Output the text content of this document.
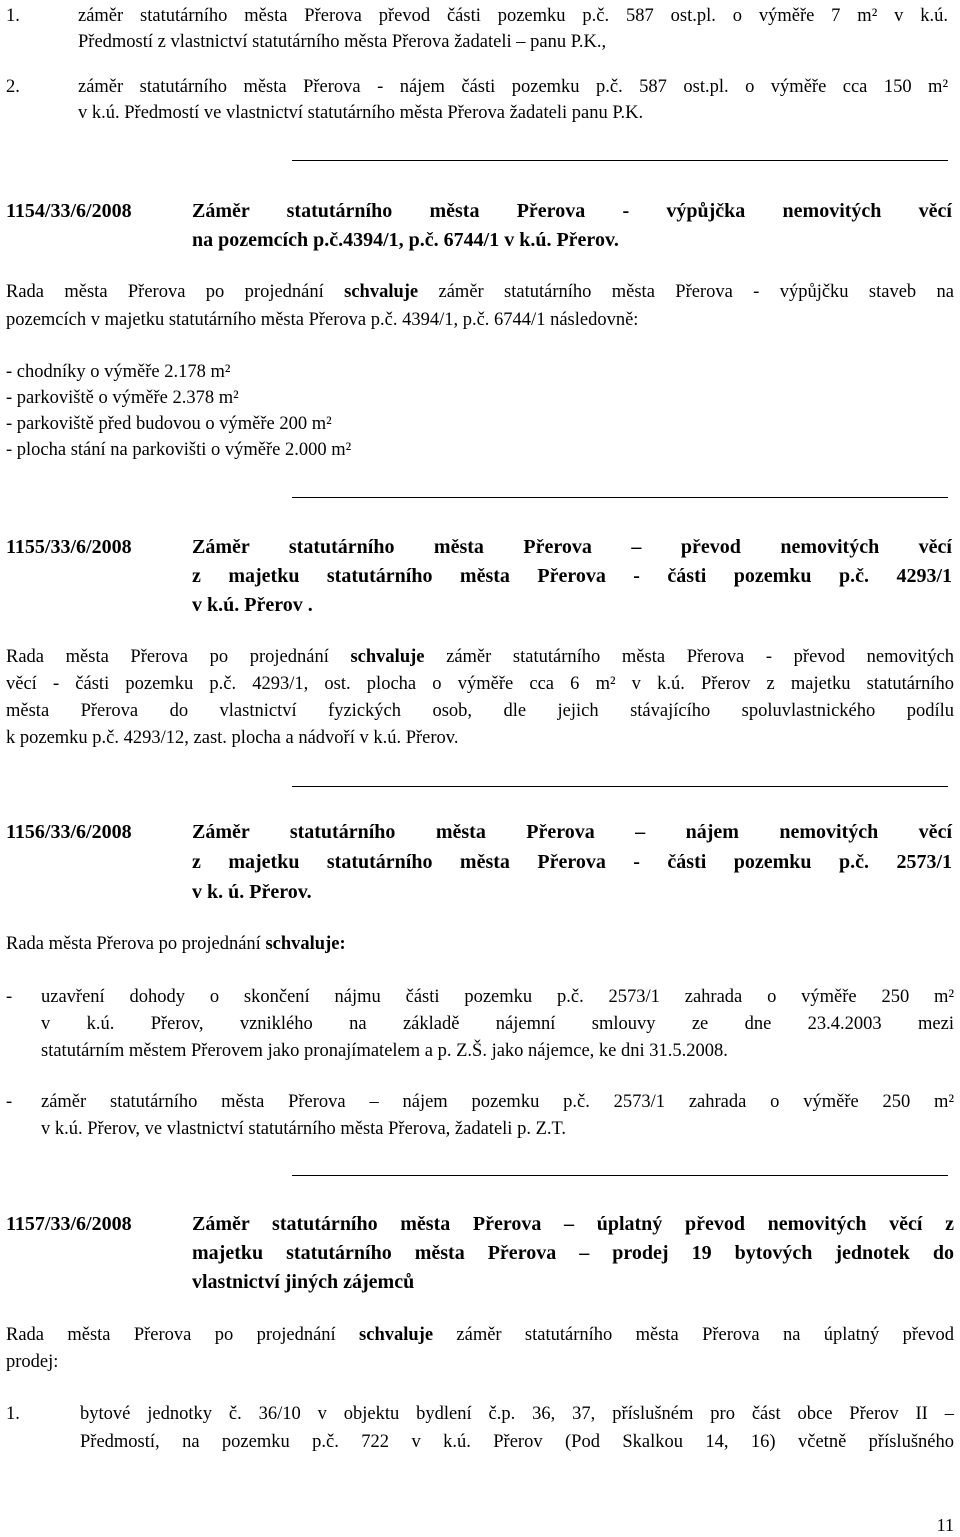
1.	záměr statutárního města Přerova převod části pozemku p.č. 587 ost.pl. o výměře 7 m² v k.ú.
Předmostí z vlastnictví statutárního města Přerova žadateli – panu P.K.,
2.	záměr statutárního města Přerova - nájem části pozemku p.č. 587 ost.pl. o výměře cca 150 m²
v k.ú. Předmostí ve vlastnictví statutárního města Přerova žadateli panu P.K.
1154/33/6/2008	Záměr statutárního města Přerova - výpůjčka nemovitých věcí
na pozemcích p.č.4394/1, p.č. 6744/1 v k.ú. Přerov.
Rada města Přerova po projednání schvaluje záměr statutárního města Přerova - výpůjčku staveb na
pozemcích v majetku statutárního města Přerova p.č. 4394/1, p.č. 6744/1 následovně:
- chodníky o výměře 2.178 m²
- parkoviště o výměře 2.378 m²
- parkoviště před budovou o výměře 200 m²
- plocha stání na parkovišti o výměře 2.000 m²
1155/33/6/2008	Záměr statutárního města Přerova – převod nemovitých věcí
z majetku statutárního města Přerova - části pozemku p.č. 4293/1
v k.ú. Přerov .
Rada města Přerova po projednání schvaluje záměr statutárního města Přerova - převod nemovitých
věcí - části pozemku p.č. 4293/1, ost. plocha o výměře cca 6 m² v k.ú. Přerov z majetku statutárního
města Přerova do vlastnictví fyzických osob, dle jejich stávajícího spoluvlastnického podílu
k pozemku p.č. 4293/12, zast. plocha a nádvoří v k.ú. Přerov.
1156/33/6/2008	Záměr statutárního města Přerova – nájem nemovitých věcí
z majetku statutárního města Přerova - části pozemku p.č. 2573/1
v k. ú. Přerov.
Rada města Přerova po projednání schvaluje:
- uzavření dohody o skončení nájmu části pozemku p.č. 2573/1 zahrada o výměře 250 m²
v k.ú. Přerov, vzniklého na základě nájemní smlouvy ze dne 23.4.2003 mezi
statutárním městem Přerovem jako pronajímatelem a p. Z.Š. jako nájemce, ke dni 31.5.2008.
- záměr statutárního města Přerova – nájem pozemku p.č. 2573/1 zahrada o výměře 250 m²
v k.ú. Přerov, ve vlastnictví statutárního města Přerova, žadateli p. Z.T.
1157/33/6/2008	Záměr statutárního města Přerova – úplatný převod nemovitých věcí z
majetku statutárního města Přerova – prodej 19 bytových jednotek do
vlastnictví jiných zájemců
Rada města Přerova po projednání schvaluje záměr statutárního města Přerova na úplatný převod
prodej:
1.	bytové jednotky č. 36/10 v objektu bydlení č.p. 36, 37, příslušném pro část obce Přerov II –
Předmostí, na pozemku p.č. 722 v k.ú. Přerov (Pod Skalkou 14, 16) včetně příslušného
11
